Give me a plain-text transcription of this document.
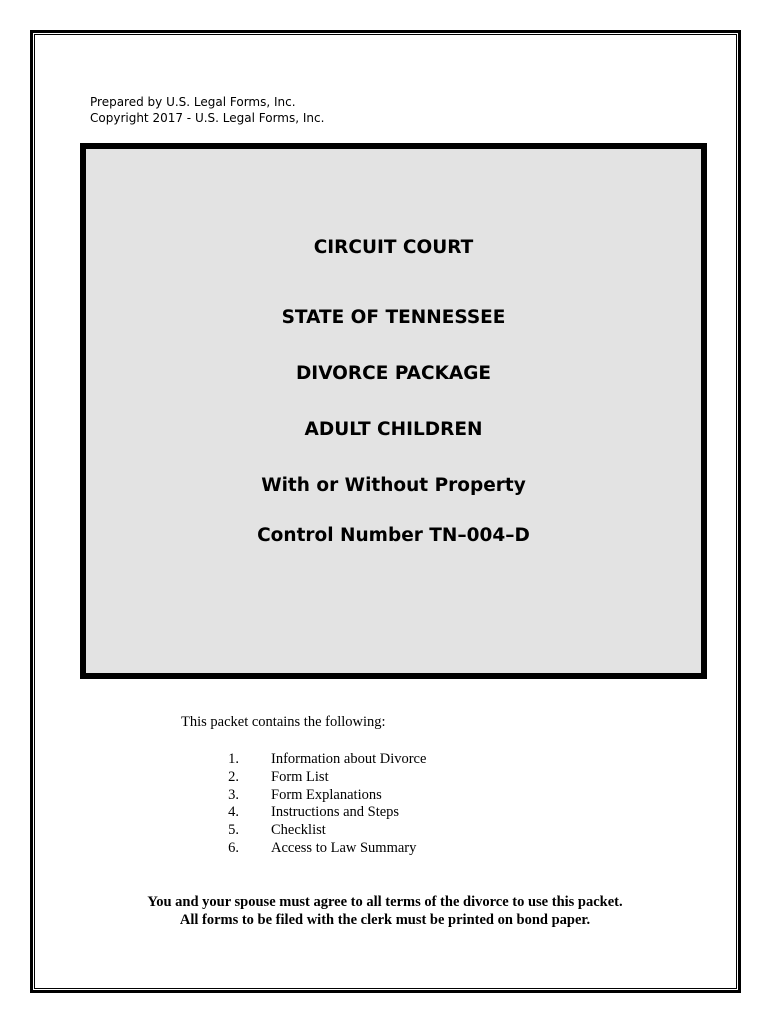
Prepared by U.S. Legal Forms, Inc.
Copyright 2017 - U.S. Legal Forms, Inc.
CIRCUIT COURT
STATE OF TENNESSEE
DIVORCE PACKAGE
ADULT CHILDREN
With or Without Property
Control Number TN–004–D
This packet contains the following:
1. Information about Divorce
2. Form List
3. Form Explanations
4. Instructions and Steps
5. Checklist
6. Access to Law Summary
You and your spouse must agree to all terms of the divorce to use this packet.
All forms to be filed with the clerk must be printed on bond paper.
